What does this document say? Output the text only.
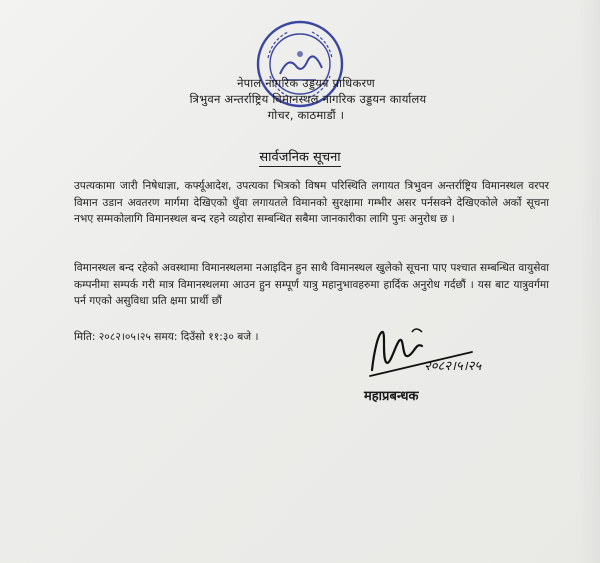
नेपाल नागरिक उड्डयन प्राधिकरण
त्रिभुवन अन्तर्राष्ट्रिय विमानस्थल नागरिक उड्डयन कार्यालय
गोचर, काठमाडौं ।
सार्वजनिक सूचना

उपत्यकामा जारी निषेधाज्ञा, कर्फ्यूआदेश, उपत्यका भित्रको विषम परिस्थिति लगायत त्रिभुवन अन्तर्राष्ट्रिय विमानस्थल वरपर विमान उडान अवतरण मार्गमा देखिएको धुँवा लगायतले विमानको सुरक्षामा गम्भीर असर पर्नसक्ने देखिएकोले अर्को सूचना नभए सम्मकोलागि विमानस्थल बन्द रहने व्यहोरा सम्बन्धित सबैमा जानकारीका लागि पुनः अनुरोध छ ।

विमानस्थल बन्द रहेको अवस्थामा विमानस्थलमा नआइदिन हुन साथै विमानस्थल खुलेको सूचना पाए पश्चात सम्बन्धित वायुसेवा कम्पनीमा सम्पर्क गरी मात्र विमानस्थलमा आउन हुन सम्पूर्ण यात्रु महानुभावहरुमा हार्दिक अनुरोध गर्दछौं । यस बाट यात्रुवर्गमा पर्न गएको असुविधा प्रति क्षमा प्रार्थी छौं

मिति: २०८२।०५।२५ समय: दिउँसो ११:३० बजे ।
२०८२।५।२५
महाप्रबन्धक
